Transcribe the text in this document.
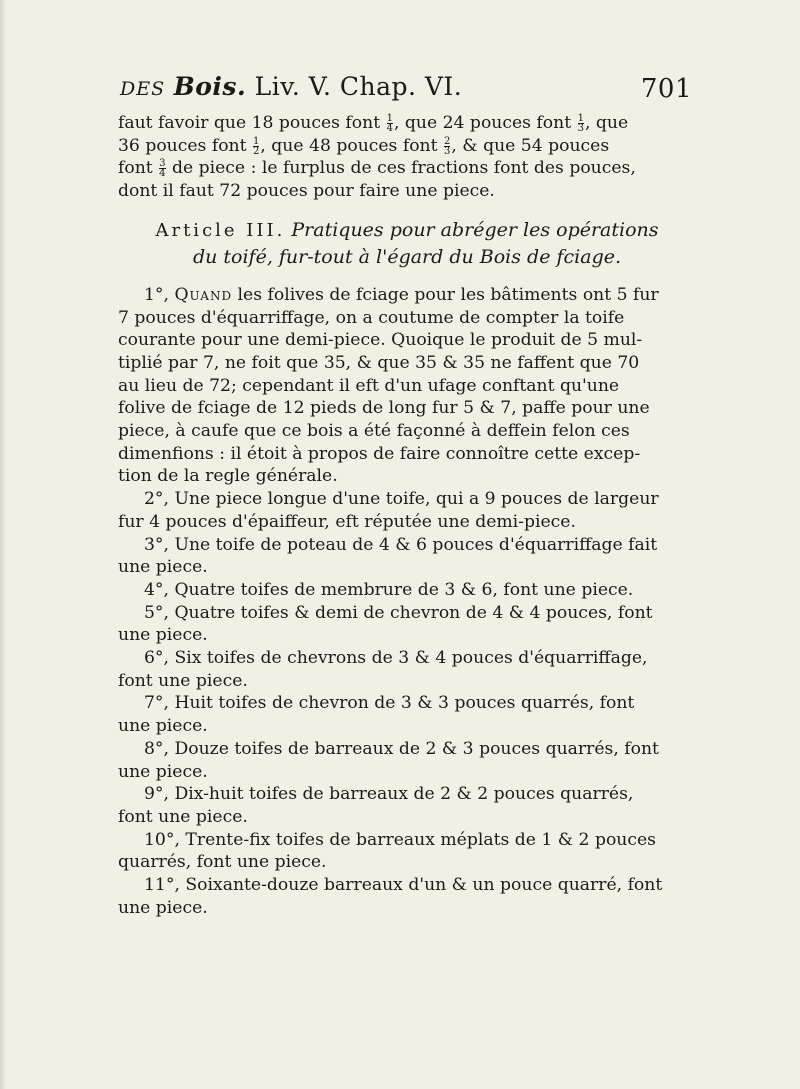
DES Bois. Liv. V. Chap. VI.	701

faut favoir que 18 pouces font $\frac{1}{4}$ , que 24 pouces font $\frac{1}{3}$ , que
36 pouces font $\frac{1}{2}$ , que 48 pouces font $\frac{2}{3}$ , & que 54 pouces
font $\frac{3}{4}$ de piece : le furplus de ces fractions font des pouces,
dont il faut 72 pouces pour faire une piece.

Article III. Pratiques pour abréger les opérations
du toifé, fur-tout à l'égard du Bois de fciage.

1°, Quand les folives de fciage pour les bâtiments ont 5 fur
7 pouces d'équarriffage, on a coutume de compter la toife
courante pour une demi-piece. Quoique le produit de 5 mul-
tiplié par 7, ne foit que 35, & que 35 & 35 ne faffent que 70
au lieu de 72; cependant il eft d'un ufage conftant qu'une
folive de fciage de 12 pieds de long fur 5 & 7, paffe pour une
piece, à caufe que ce bois a été façonné à deffein felon ces
dimenfions : il étoit à propos de faire connoître cette excep-
tion de la regle générale.

2°, Une piece longue d'une toife, qui a 9 pouces de largeur
fur 4 pouces d'épaiffeur, eft réputée une demi-piece.

3°, Une toife de poteau de 4 & 6 pouces d'équarriffage fait
une piece.

4°, Quatre toifes de membrure de 3 & 6, font une piece.

5°, Quatre toifes & demi de chevron de 4 & 4 pouces, font
une piece.

6°, Six toifes de chevrons de 3 & 4 pouces d'équarriffage,
font une piece.

7°, Huit toifes de chevron de 3 & 3 pouces quarrés, font
une piece.

8°, Douze toifes de barreaux de 2 & 3 pouces quarrés, font
une piece.

9°, Dix-huit toifes de barreaux de 2 & 2 pouces quarrés,
font une piece.

10°, Trente-fix toifes de barreaux méplats de 1 & 2 pouces
quarrés, font une piece.

11°, Soixante-douze barreaux d'un & un pouce quarré, font
une piece.
